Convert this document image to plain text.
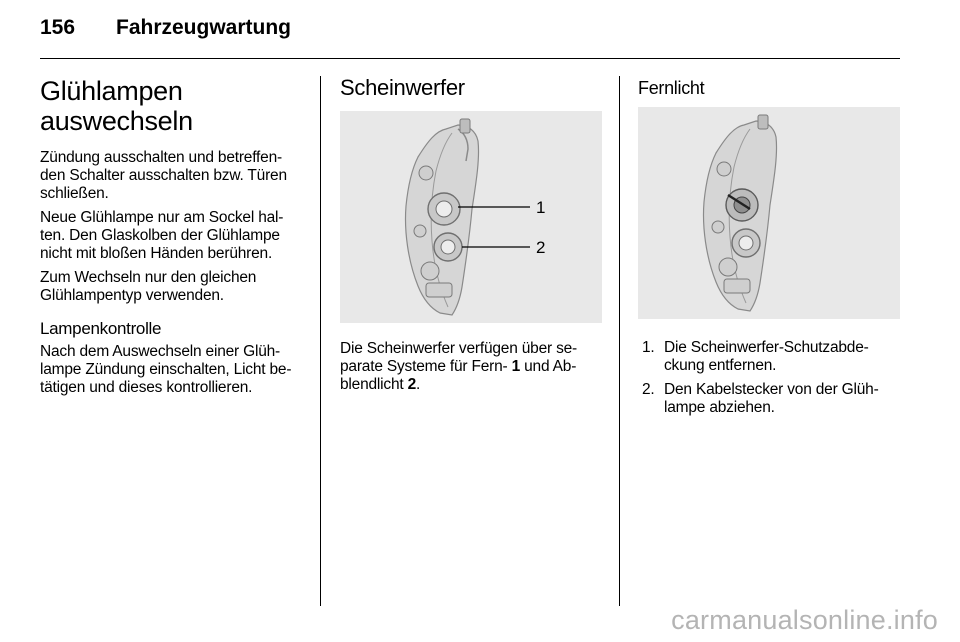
156	Fahrzeugwartung
Glühlampen
auswechseln

Zündung ausschalten und betreffen-den Schalter ausschalten bzw. Türen schließen.

Neue Glühlampe nur am Sockel hal-ten. Den Glaskolben der Glühlampe nicht mit bloßen Händen berühren.

Zum Wechseln nur den gleichen Glühlampentyp verwenden.

Lampenkontrolle

Nach dem Auswechseln einer Glüh-lampe Zündung einschalten, Licht be-tätigen und dieses kontrollieren.

Scheinwerfer
1
2

Die Scheinwerfer verfügen über se-parate Systeme für Fern- 1 und Ab-blendlicht 2.

Fernlicht
1. Die Scheinwerfer-Schutzabde-ckung entfernen.
2. Den Kabelstecker von der Glüh-lampe abziehen.
carmanualsonline.info
